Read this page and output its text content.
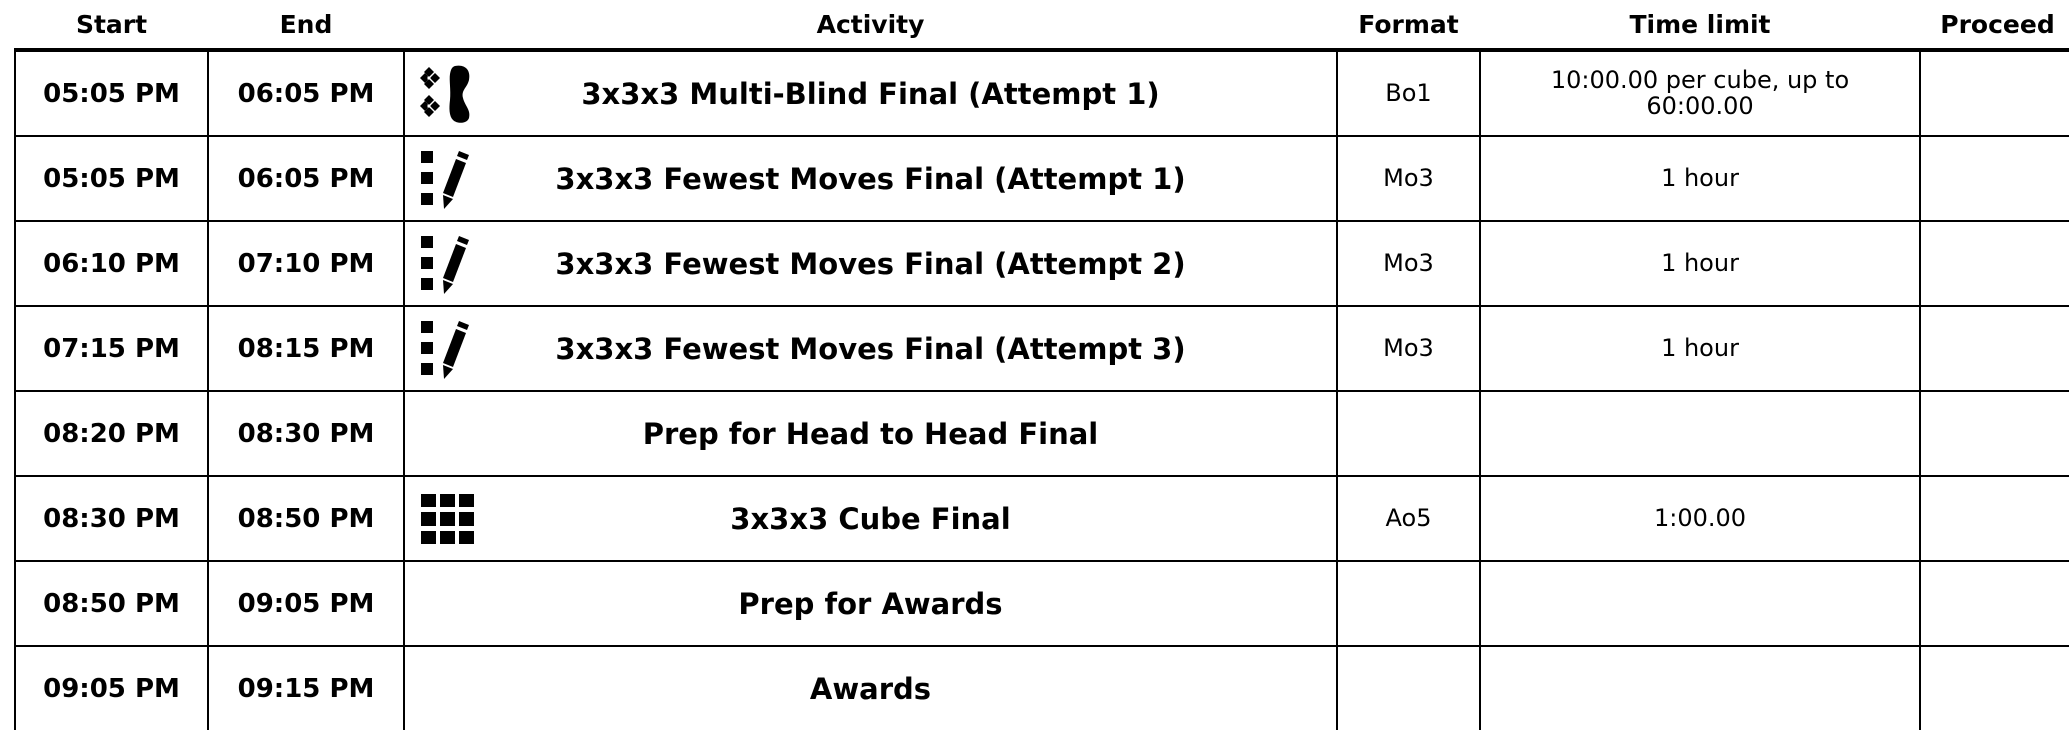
Start	End	Activity	Format	Time limit	Proceed
05:05 PM	06:05 PM	3x3x3 Multi-Blind Final (Attempt 1)	Bo1	10:00.00 per cube, up to 60:00.00	
05:05 PM	06:05 PM	3x3x3 Fewest Moves Final (Attempt 1)	Mo3	1 hour	
06:10 PM	07:10 PM	3x3x3 Fewest Moves Final (Attempt 2)	Mo3	1 hour	
07:15 PM	08:15 PM	3x3x3 Fewest Moves Final (Attempt 3)	Mo3	1 hour	
08:20 PM	08:30 PM	Prep for Head to Head Final			
08:30 PM	08:50 PM	3x3x3 Cube Final	Ao5	1:00.00	
08:50 PM	09:05 PM	Prep for Awards			
09:05 PM	09:15 PM	Awards			
